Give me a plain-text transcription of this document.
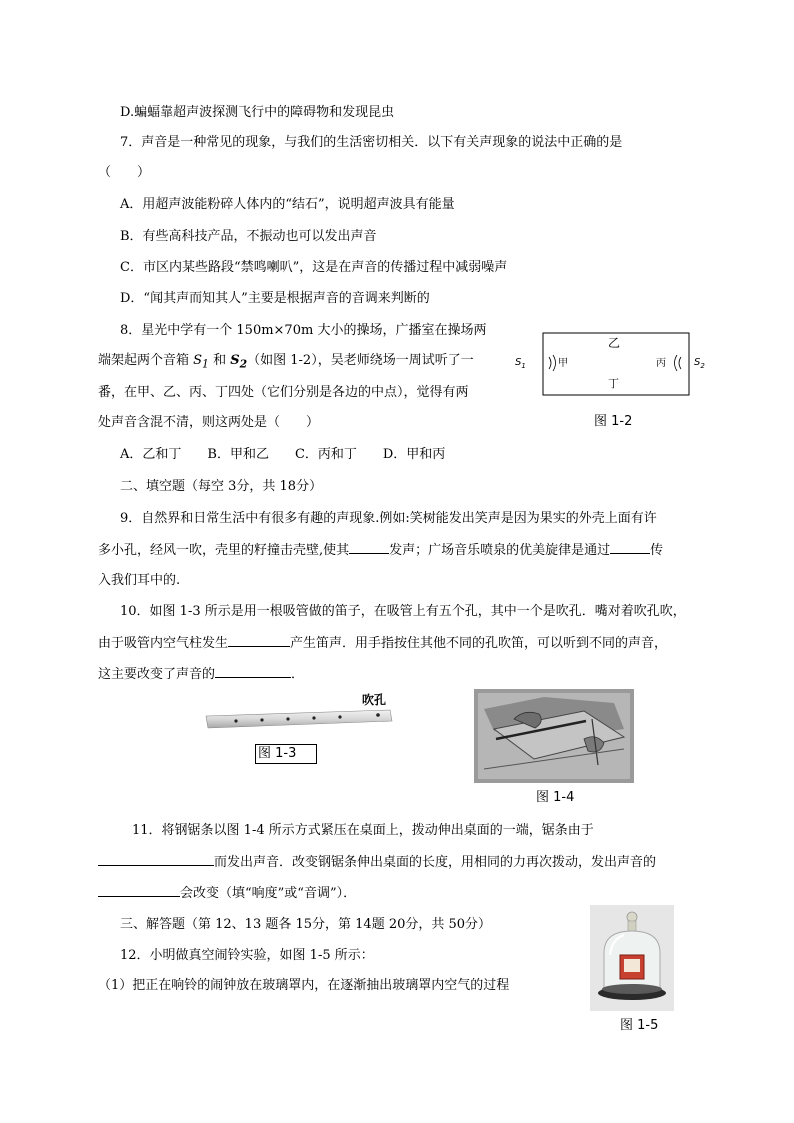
D.蝙蝠靠超声波探测飞行中的障碍物和发现昆虫
7．声音是一种常见的现象，与我们的生活密切相关．以下有关声现象的说法中正确的是
（　　）
A．用超声波能粉碎人体内的“结石”，说明超声波具有能量
B．有些高科技产品，不振动也可以发出声音
C．市区内某些路段“禁鸣喇叭”，这是在声音的传播过程中减弱噪声
D．“闻其声而知其人”主要是根据声音的音调来判断的
8．星光中学有一个 150m×70m 大小的操场，广播室在操场两
端架起两个音箱 $S_1$ 和 $S_2$（如图 1-2），吴老师绕场一周试听了一
番，在甲、乙、丙、丁四处（它们分别是各边的中点），觉得有两
处声音含混不清，则这两处是（　　）
A．乙和丁　　B．甲和乙　　C．丙和丁　　D．甲和丙
乙
丁
甲	丙
$S_1$	$S_2$
图 1-2
二、填空题（每空 3分，共 18分）
9．自然界和日常生活中有很多有趣的声现象.例如:笑树能发出笑声是因为果实的外壳上面有许
多小孔，经风一吹，壳里的籽撞击壳壁,使其	发声；广场音乐喷泉的优美旋律是通过	传
入我们耳中的.
10．如图 1-3 所示是用一根吸管做的笛子，在吸管上有五个孔，其中一个是吹孔．嘴对着吹孔吹，
由于吸管内空气柱发生	产生笛声．用手指按住其他不同的孔吹笛，可以听到不同的声音，
这主要改变了声音的	．
吹孔
图 1-3
图 1-4
11．将钢锯条以图 1-4 所示方式紧压在桌面上，拨动伸出桌面的一端，锯条由于
而发出声音．改变钢锯条伸出桌面的长度，用相同的力再次拨动，发出声音的
会改变（填“响度”或“音调”）．
三、解答题（第 12、13 题各 15分，第 14题 20分，共 50分）
12．小明做真空闹铃实验，如图 1-5 所示：
（1）把正在响铃的闹钟放在玻璃罩内，在逐渐抽出玻璃罩内空气的过程
图 1-5
